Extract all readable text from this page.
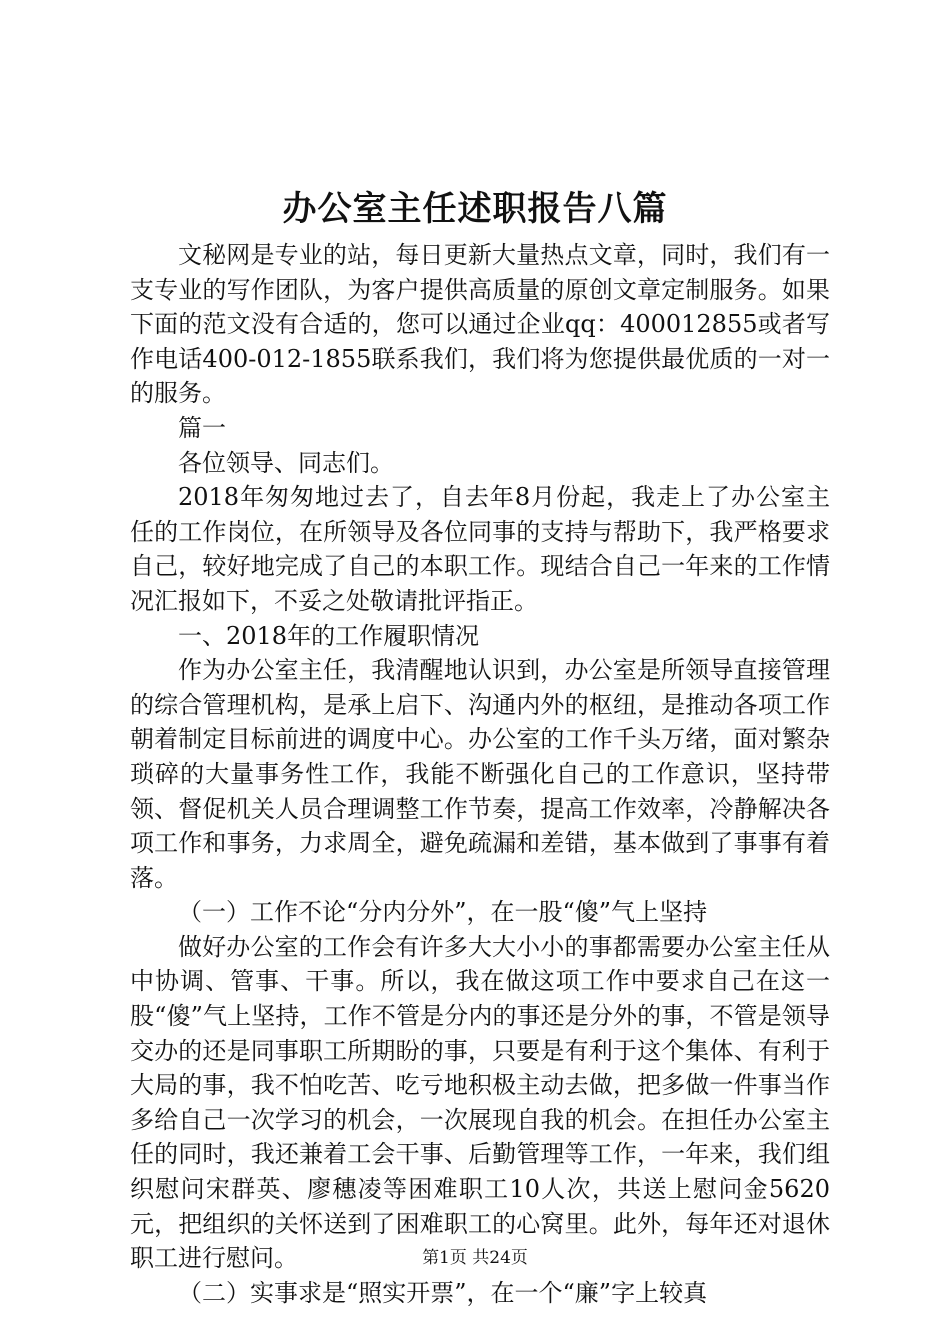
办公室主任述职报告八篇

文秘网是专业的站，每日更新大量热点文章，同时，我们有一支专业的写作团队，为客户提供高质量的原创文章定制服务。如果下面的范文没有合适的，您可以通过企业qq：400012855或者写作电话400-012-1855联系我们，我们将为您提供最优质的一对一的服务。

篇一

各位领导、同志们。

2018年匆匆地过去了，自去年8月份起，我走上了办公室主任的工作岗位，在所领导及各位同事的支持与帮助下，我严格要求自己，较好地完成了自己的本职工作。现结合自己一年来的工作情况汇报如下，不妥之处敬请批评指正。

一、2018年的工作履职情况

作为办公室主任，我清醒地认识到，办公室是所领导直接管理的综合管理机构，是承上启下、沟通内外的枢纽，是推动各项工作朝着制定目标前进的调度中心。办公室的工作千头万绪，面对繁杂琐碎的大量事务性工作，我能不断强化自己的工作意识，坚持带领、督促机关人员合理调整工作节奏，提高工作效率，冷静解决各项工作和事务，力求周全，避免疏漏和差错，基本做到了事事有着落。

（一）工作不论“分内分外”，在一股“傻”气上坚持

做好办公室的工作会有许多大大小小的事都需要办公室主任从中协调、管事、干事。所以，我在做这项工作中要求自己在这一股“傻”气上坚持，工作不管是分内的事还是分外的事，不管是领导交办的还是同事职工所期盼的事，只要是有利于这个集体、有利于大局的事，我不怕吃苦、吃亏地积极主动去做，把多做一件事当作多给自己一次学习的机会，一次展现自我的机会。在担任办公室主任的同时，我还兼着工会干事、后勤管理等工作，一年来，我们组织慰问宋群英、廖穗凌等困难职工10人次，共送上慰问金5620元，把组织的关怀送到了困难职工的心窝里。此外，每年还对退休职工进行慰问。

（二）实事求是“照实开票”，在一个“廉”字上较真

第1页 共24页
